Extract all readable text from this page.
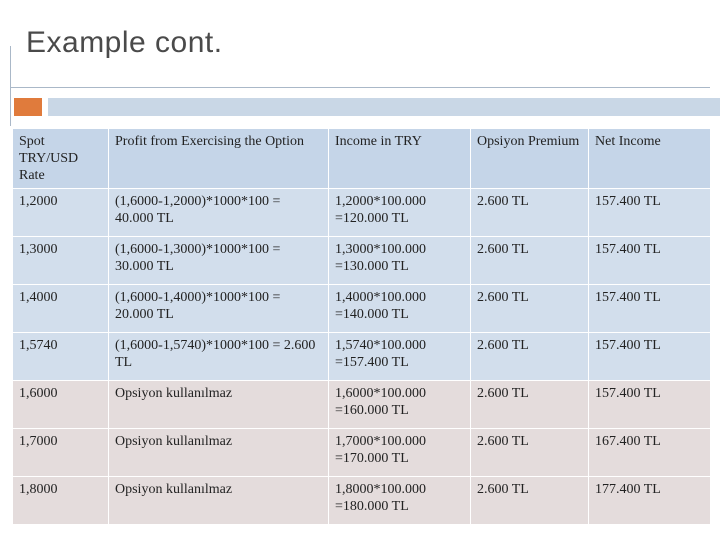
Example cont.
Spot TRY/USD Rate	Profit from Exercising the Option	Income in TRY	Opsiyon Premium	Net Income
1,2000	(1,6000-1,2000)*1000*100 = 40.000 TL	1,2000*100.000 =120.000 TL	2.600 TL	157.400 TL
1,3000	(1,6000-1,3000)*1000*100 = 30.000 TL	1,3000*100.000 =130.000 TL	2.600 TL	157.400 TL
1,4000	(1,6000-1,4000)*1000*100 = 20.000 TL	1,4000*100.000 =140.000 TL	2.600 TL	157.400 TL
1,5740	(1,6000-1,5740)*1000*100 = 2.600 TL	1,5740*100.000 =157.400 TL	2.600 TL	157.400 TL
1,6000	Opsiyon kullanılmaz	1,6000*100.000 =160.000 TL	2.600 TL	157.400 TL
1,7000	Opsiyon kullanılmaz	1,7000*100.000 =170.000 TL	2.600 TL	167.400 TL
1,8000	Opsiyon kullanılmaz	1,8000*100.000 =180.000 TL	2.600 TL	177.400 TL
